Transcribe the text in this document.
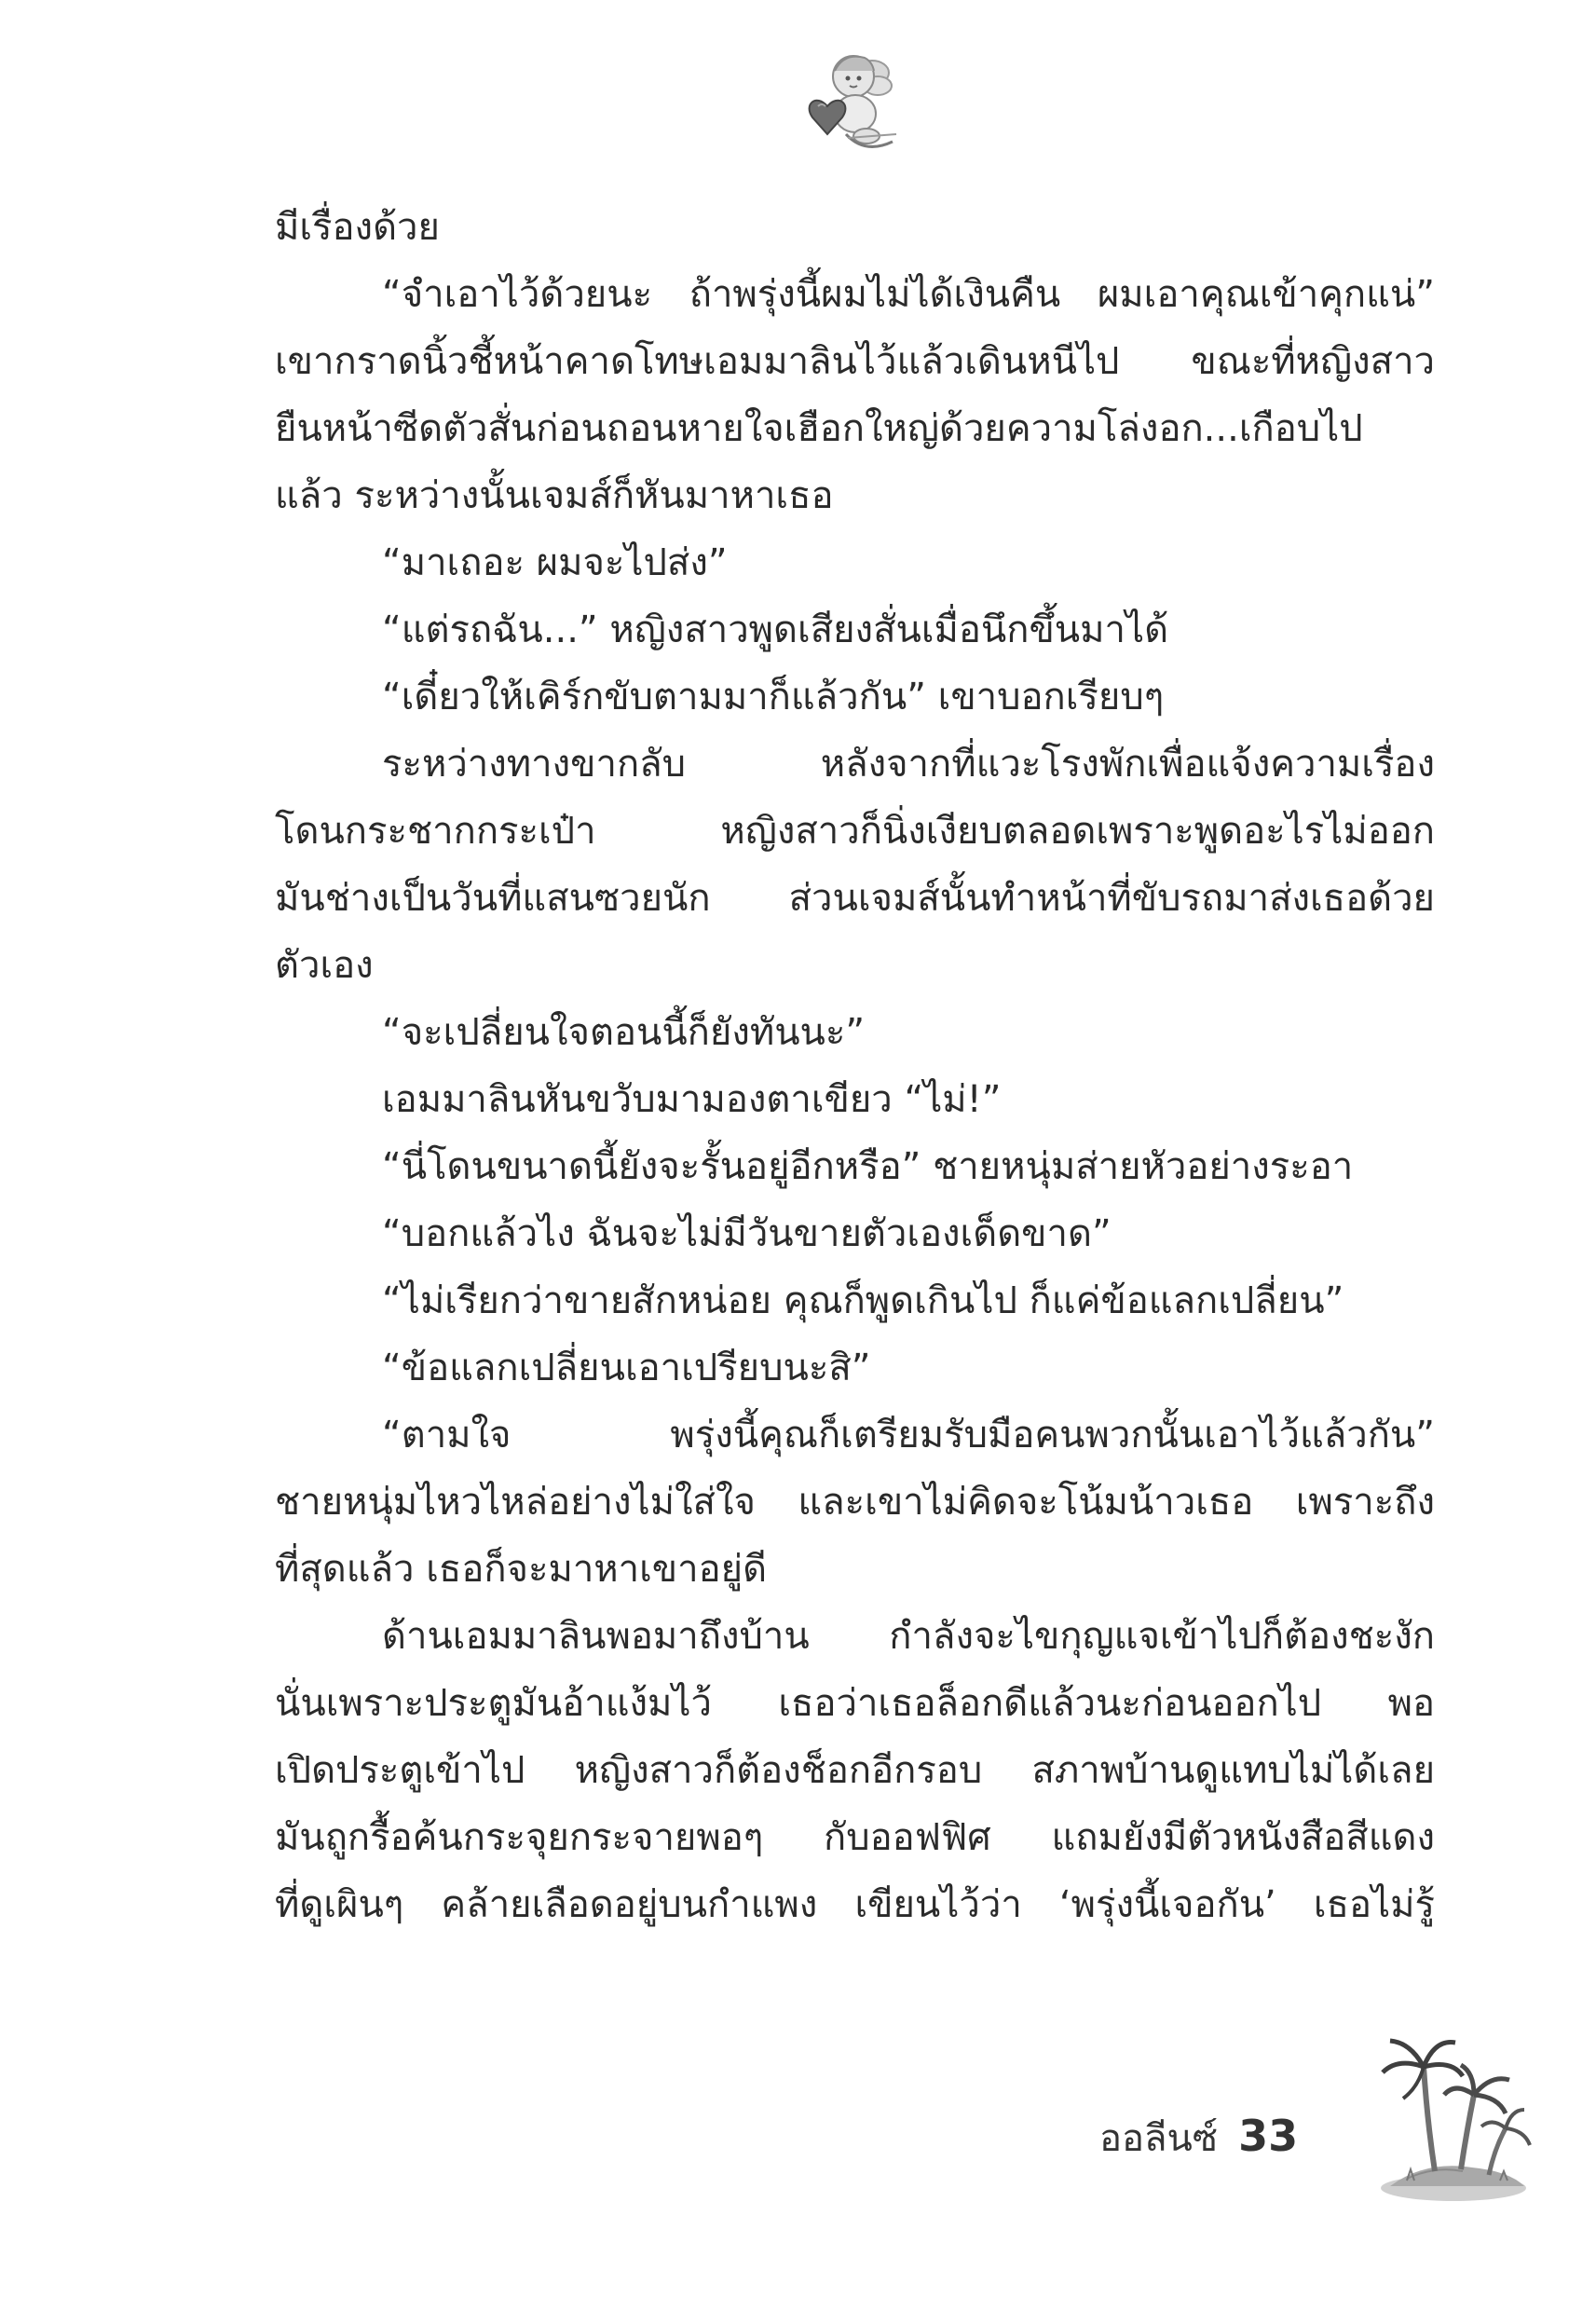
มีเรื่องด้วย
“จำเอาไว้ด้วยนะ ถ้าพรุ่งนี้ผมไม่ได้เงินคืน ผมเอาคุณเข้าคุกแน่”
เขากราดนิ้วชี้หน้าคาดโทษเอมมาลินไว้แล้วเดินหนีไป ขณะที่หญิงสาว
ยืนหน้าซีดตัวสั่นก่อนถอนหายใจเฮือกใหญ่ด้วยความโล่งอก...เกือบไป
แล้ว ระหว่างนั้นเจมส์ก็หันมาหาเธอ
“มาเถอะ ผมจะไปส่ง”
“แต่รถฉัน...” หญิงสาวพูดเสียงสั่นเมื่อนึกขึ้นมาได้
“เดี๋ยวให้เคิร์กขับตามมาก็แล้วกัน” เขาบอกเรียบๆ
ระหว่างทางขากลับ หลังจากที่แวะโรงพักเพื่อแจ้งความเรื่อง
โดนกระชากกระเป๋า หญิงสาวก็นิ่งเงียบตลอดเพราะพูดอะไรไม่ออก
มันช่างเป็นวันที่แสนซวยนัก ส่วนเจมส์นั้นทำหน้าที่ขับรถมาส่งเธอด้วย
ตัวเอง
“จะเปลี่ยนใจตอนนี้ก็ยังทันนะ”
เอมมาลินหันขวับมามองตาเขียว “ไม่!”
“นี่โดนขนาดนี้ยังจะรั้นอยู่อีกหรือ” ชายหนุ่มส่ายหัวอย่างระอา
“บอกแล้วไง ฉันจะไม่มีวันขายตัวเองเด็ดขาด”
“ไม่เรียกว่าขายสักหน่อย คุณก็พูดเกินไป ก็แค่ข้อแลกเปลี่ยน”
“ข้อแลกเปลี่ยนเอาเปรียบนะสิ”
“ตามใจ พรุ่งนี้คุณก็เตรียมรับมือคนพวกนั้นเอาไว้แล้วกัน”
ชายหนุ่มไหวไหล่อย่างไม่ใส่ใจ และเขาไม่คิดจะโน้มน้าวเธอ เพราะถึง
ที่สุดแล้ว เธอก็จะมาหาเขาอยู่ดี
ด้านเอมมาลินพอมาถึงบ้าน กำลังจะไขกุญแจเข้าไปก็ต้องชะงัก
นั่นเพราะประตูมันอ้าแง้มไว้ เธอว่าเธอล็อกดีแล้วนะก่อนออกไป พอ
เปิดประตูเข้าไป หญิงสาวก็ต้องช็อกอีกรอบ สภาพบ้านดูแทบไม่ได้เลย
มันถูกรื้อค้นกระจุยกระจายพอๆ กับออฟฟิศ แถมยังมีตัวหนังสือสีแดง
ที่ดูเผินๆ คล้ายเลือดอยู่บนกำแพง เขียนไว้ว่า ‘พรุ่งนี้เจอกัน’ เธอไม่รู้
ออลีนซ์ 33
